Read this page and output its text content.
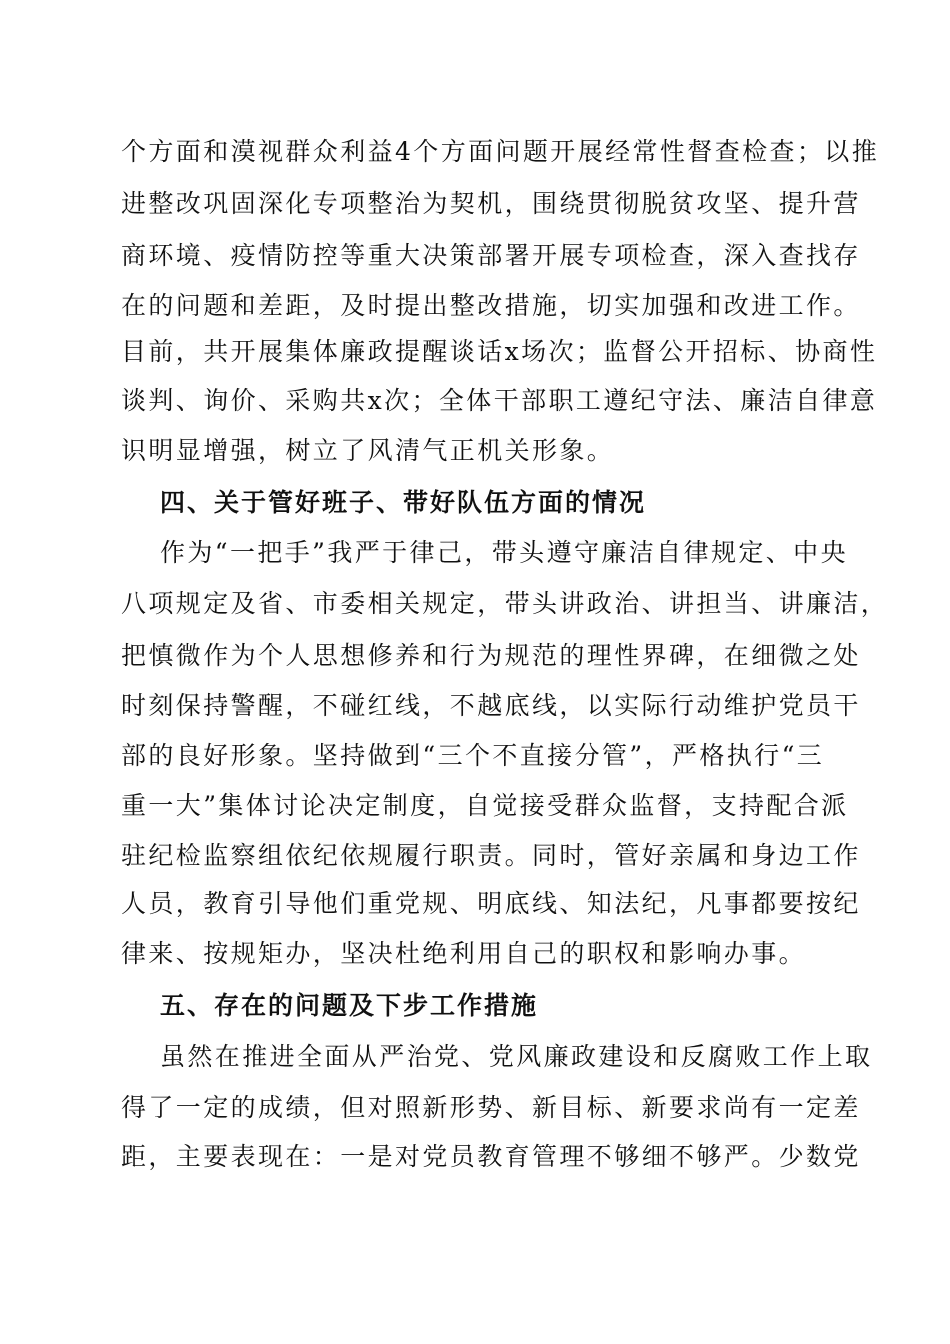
个方面和漠视群众利益4个方面问题开展经常性督查检查；以推
进整改巩固深化专项整治为契机，围绕贯彻脱贫攻坚、提升营
商环境、疫情防控等重大决策部署开展专项检查，深入查找存
在的问题和差距，及时提出整改措施，切实加强和改进工作。
目前，共开展集体廉政提醒谈话x场次；监督公开招标、协商性
谈判、询价、采购共x次；全体干部职工遵纪守法、廉洁自律意
识明显增强，树立了风清气正机关形象。
四、关于管好班子、带好队伍方面的情况
作为“一把手”我严于律己，带头遵守廉洁自律规定、中央
八项规定及省、市委相关规定，带头讲政治、讲担当、讲廉洁，
把慎微作为个人思想修养和行为规范的理性界碑，在细微之处
时刻保持警醒，不碰红线，不越底线，以实际行动维护党员干
部的良好形象。坚持做到“三个不直接分管”，严格执行“三
重一大”集体讨论决定制度，自觉接受群众监督，支持配合派
驻纪检监察组依纪依规履行职责。同时，管好亲属和身边工作
人员，教育引导他们重党规、明底线、知法纪，凡事都要按纪
律来、按规矩办，坚决杜绝利用自己的职权和影响办事。
五、存在的问题及下步工作措施
虽然在推进全面从严治党、党风廉政建设和反腐败工作上取
得了一定的成绩，但对照新形势、新目标、新要求尚有一定差
距，主要表现在：一是对党员教育管理不够细不够严。少数党
